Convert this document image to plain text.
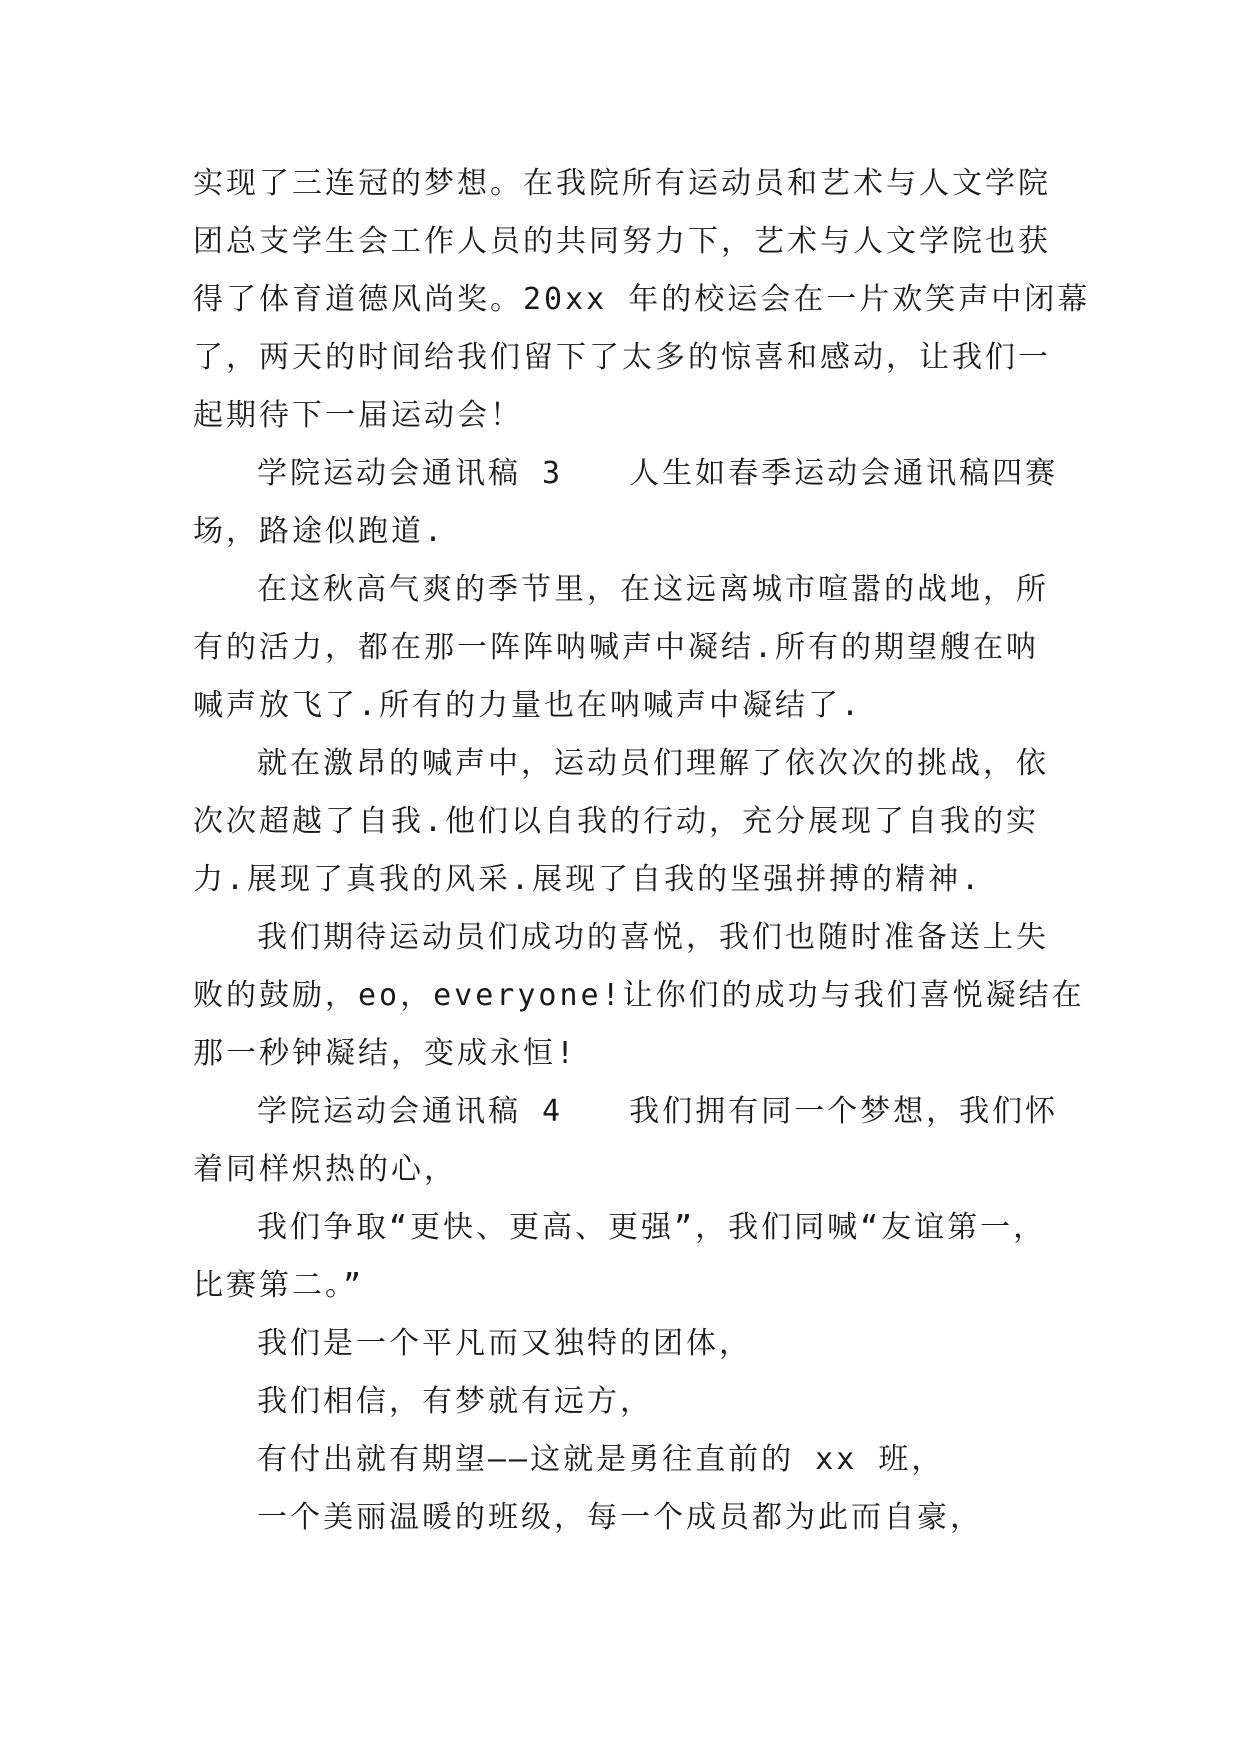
实现了三连冠的梦想。在我院所有运动员和艺术与人文学院
团总支学生会工作人员的共同努力下，艺术与人文学院也获
得了体育道德风尚奖。20xx 年的校运会在一片欢笑声中闭幕
了，两天的时间给我们留下了太多的惊喜和感动，让我们一
起期待下一届运动会！
学院运动会通讯稿 3　　人生如春季运动会通讯稿四赛
场，路途似跑道.
在这秋高气爽的季节里，在这远离城市喧嚣的战地，所
有的活力，都在那一阵阵呐喊声中凝结.所有的期望艘在呐
喊声放飞了.所有的力量也在呐喊声中凝结了.
就在激昂的喊声中，运动员们理解了依次次的挑战，依
次次超越了自我.他们以自我的行动，充分展现了自我的实
力.展现了真我的风采.展现了自我的坚强拼搏的精神.
我们期待运动员们成功的喜悦，我们也随时准备送上失
败的鼓励，eo，everyone!让你们的成功与我们喜悦凝结在
那一秒钟凝结，变成永恒!
学院运动会通讯稿 4　　我们拥有同一个梦想，我们怀
着同样炽热的心，
我们争取“更快、更高、更强”，我们同喊“友谊第一，
比赛第二。”
我们是一个平凡而又独特的团体，
我们相信，有梦就有远方，
有付出就有期望——这就是勇往直前的 xx 班，
一个美丽温暖的班级，每一个成员都为此而自豪，
